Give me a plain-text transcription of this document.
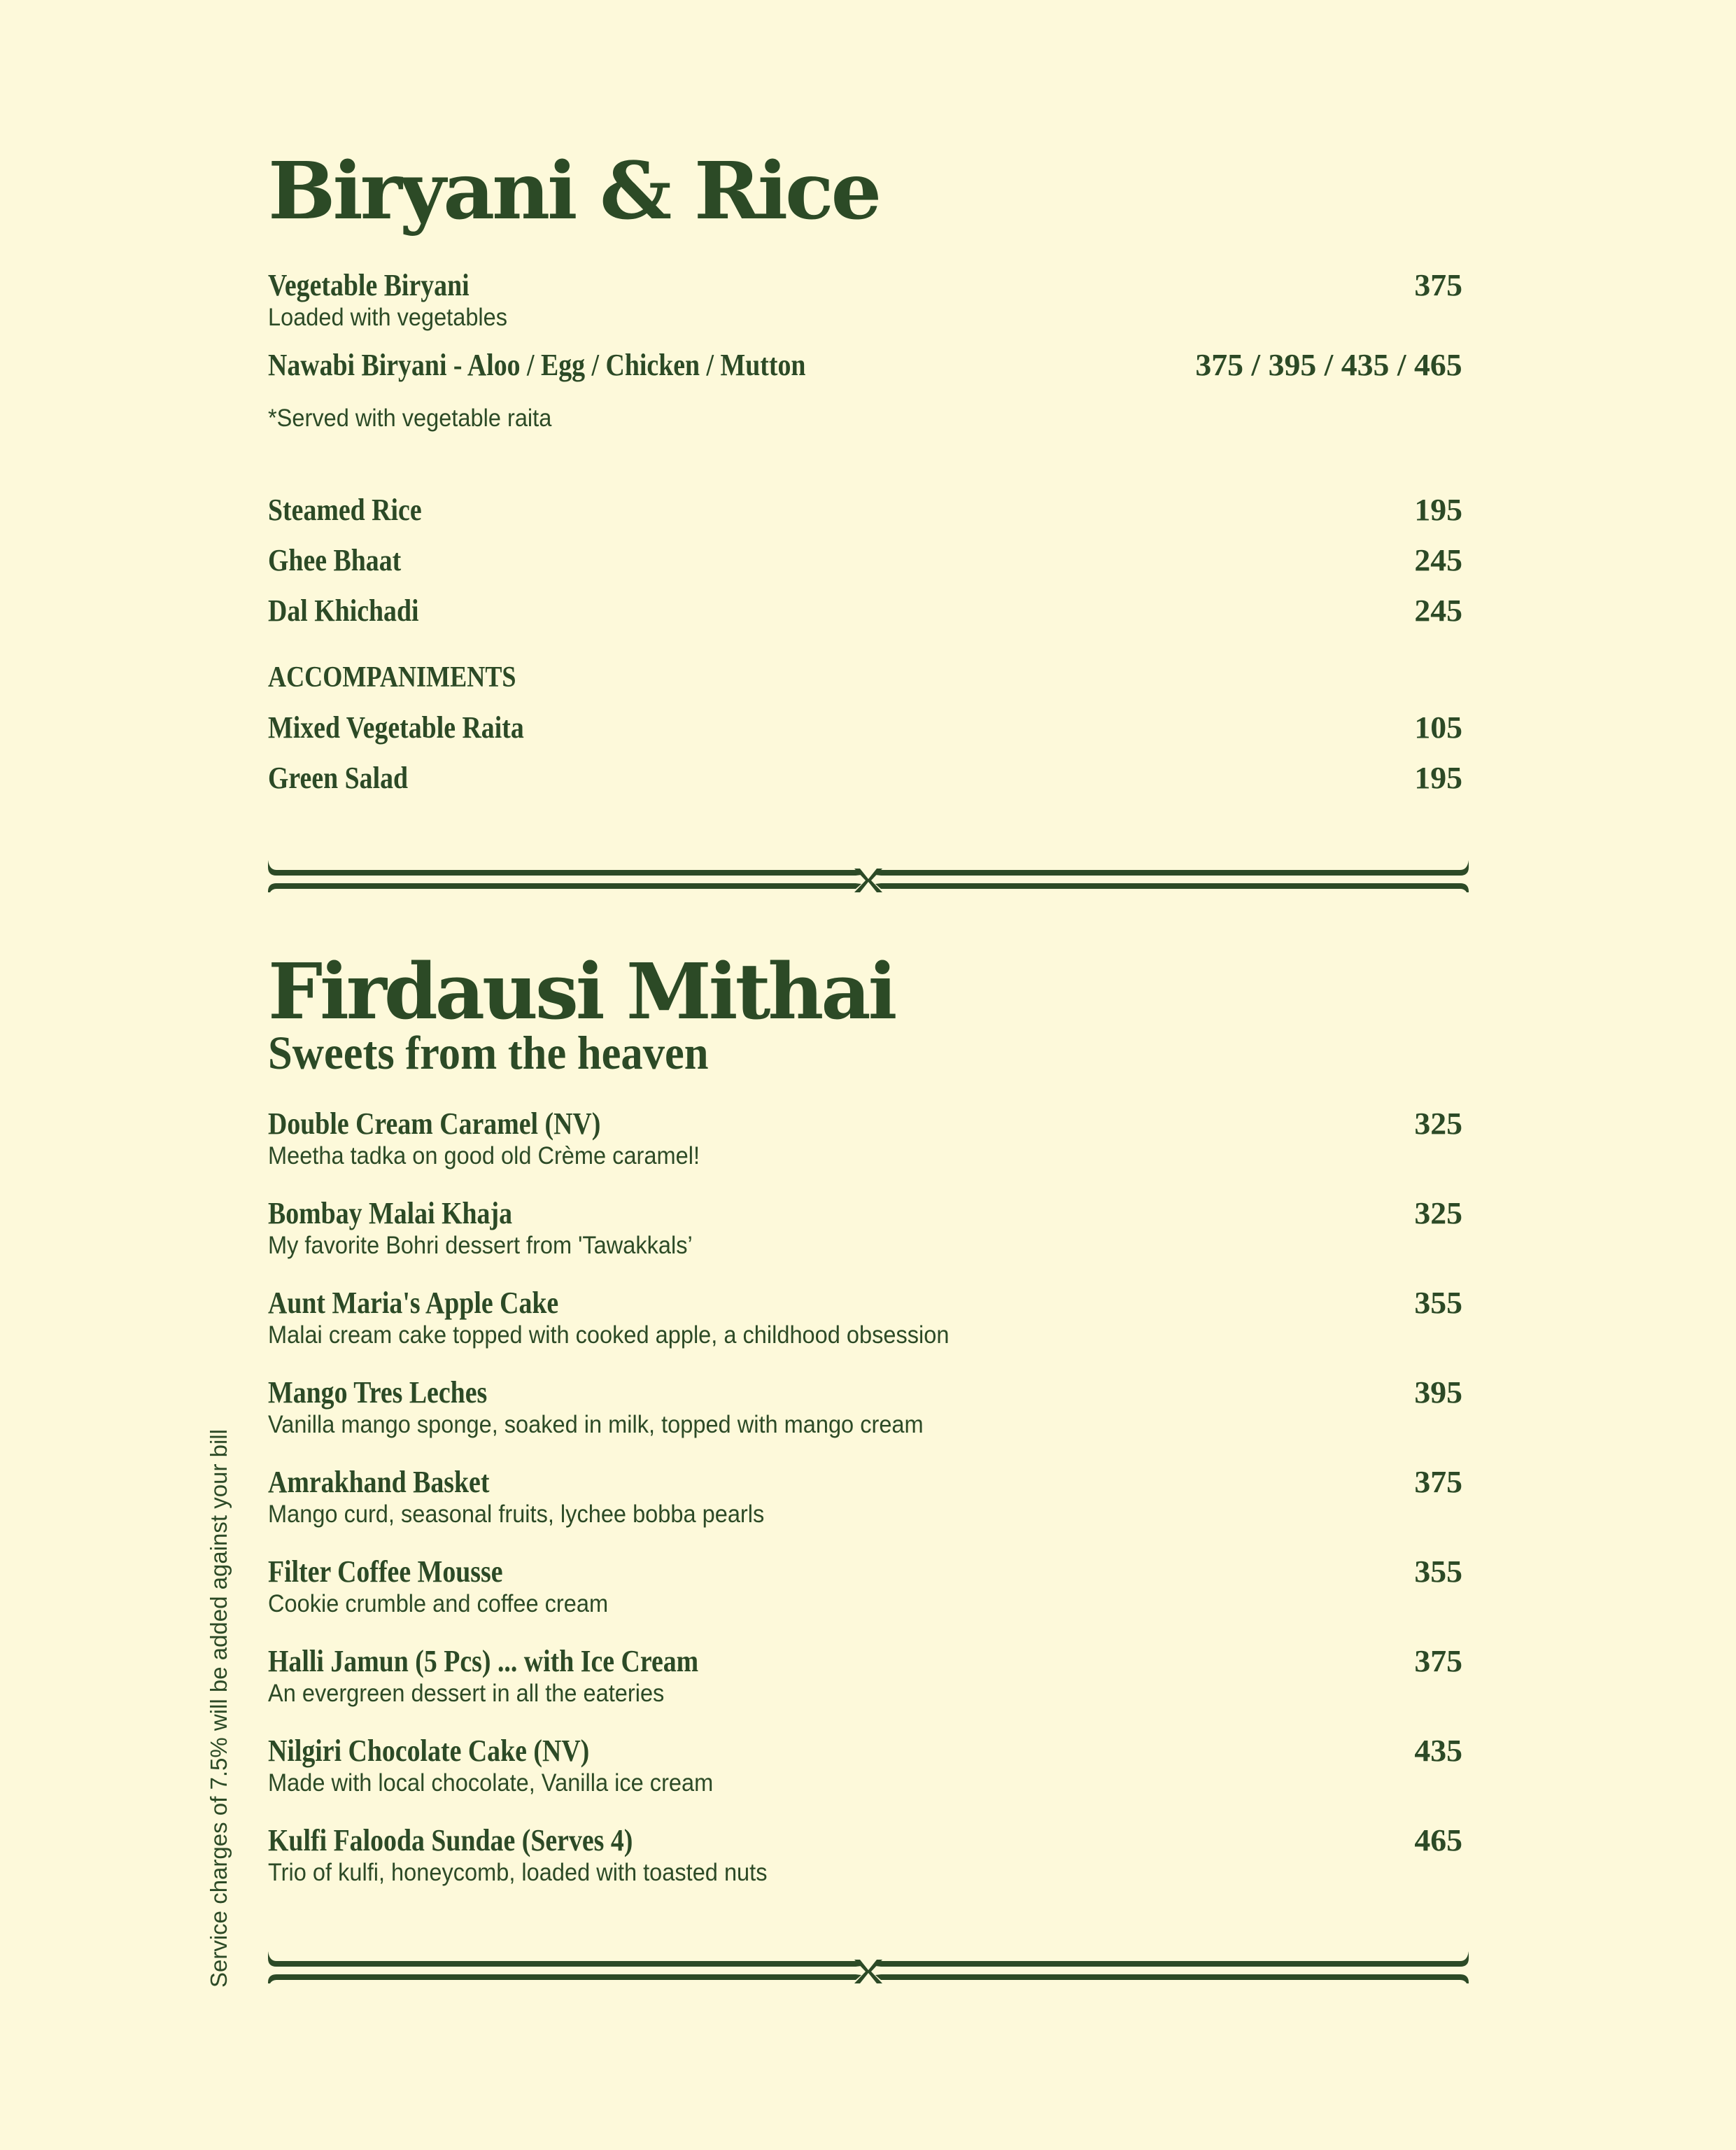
Service charges of 7.5% will be added against your bill
Biryani & Rice
Vegetable Biryani	375
Loaded with vegetables
Nawabi Biryani - Aloo / Egg / Chicken / Mutton	375 / 395 / 435 / 465
*Served with vegetable raita
Steamed Rice	195
Ghee Bhaat	245
Dal Khichadi	245
ACCOMPANIMENTS
Mixed Vegetable Raita	105
Green Salad	195
Firdausi Mithai
Sweets from the heaven
Double Cream Caramel (NV)	325
Meetha tadka on good old Crème caramel!
Bombay Malai Khaja	325
My favorite Bohri dessert from 'Tawakkals’
Aunt Maria's Apple Cake	355
Malai cream cake topped with cooked apple, a childhood obsession
Mango Tres Leches	395
Vanilla mango sponge, soaked in milk, topped with mango cream
Amrakhand Basket	375
Mango curd, seasonal fruits, lychee bobba pearls
Filter Coffee Mousse	355
Cookie crumble and coffee cream
Halli Jamun (5 Pcs) ... with Ice Cream	375
An evergreen dessert in all the eateries
Nilgiri Chocolate Cake (NV)	435
Made with local chocolate, Vanilla ice cream
Kulfi Falooda Sundae (Serves 4)	465
Trio of kulfi, honeycomb, loaded with toasted nuts
